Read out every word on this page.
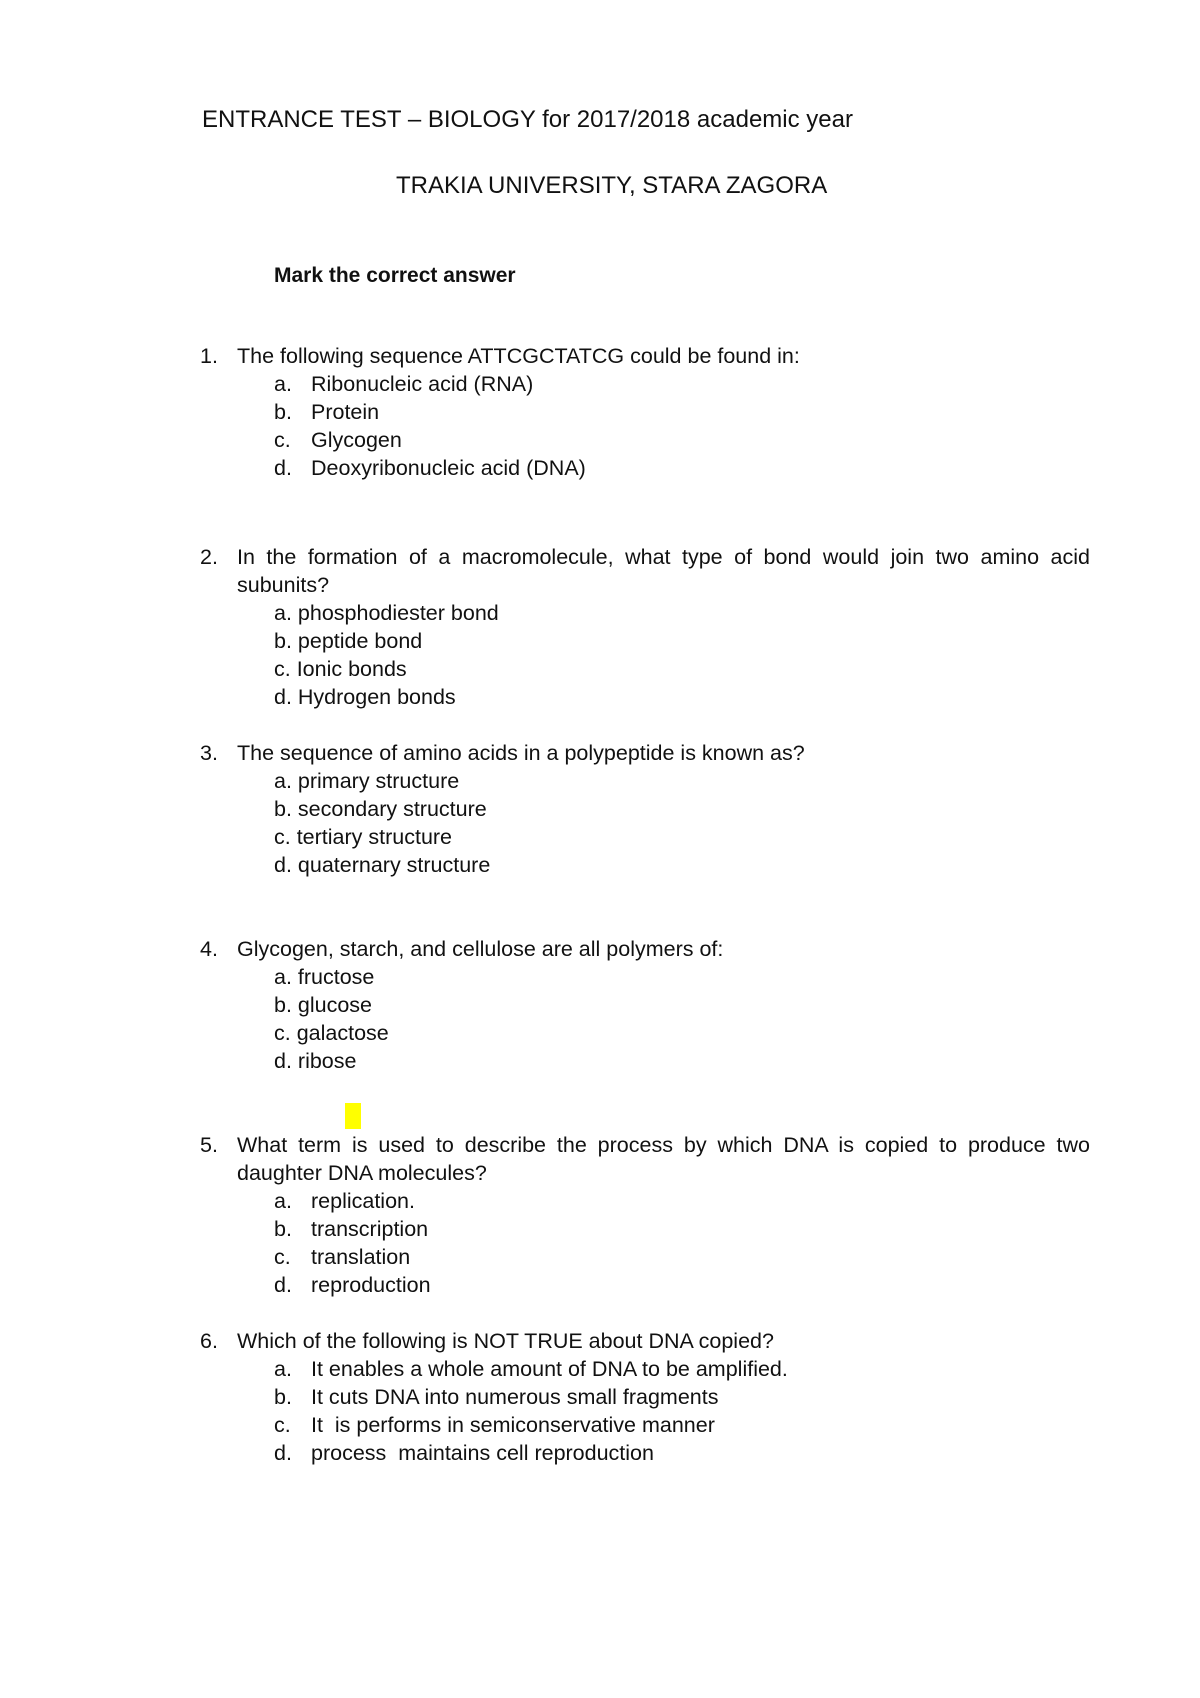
ENTRANCE TEST – BIOLOGY for 2017/2018 academic year
TRAKIA UNIVERSITY, STARA ZAGORA
Mark the correct answer
1. The following sequence ATTCGCTATCG could be found in:
a. Ribonucleic acid (RNA)
b. Protein
c. Glycogen
d. Deoxyribonucleic acid (DNA)
2. In the formation of a macromolecule, what type of bond would join two amino acid subunits?
a. phosphodiester bond
b. peptide bond
c. Ionic bonds
d. Hydrogen bonds
3. The sequence of amino acids in a polypeptide is known as?
a. primary structure
b. secondary structure
c. tertiary structure
d. quaternary structure
4. Glycogen, starch, and cellulose are all polymers of:
a. fructose
b. glucose
c. galactose
d. ribose
5. What term is used to describe the process by which DNA is copied to produce two daughter DNA molecules?
a. replication.
b. transcription
c. translation
d. reproduction
6. Which of the following is NOT TRUE about DNA copied?
a. It enables a whole amount of DNA to be amplified.
b. It cuts DNA into numerous small fragments
c. It  is performs in semiconservative manner
d. process  maintains cell reproduction
